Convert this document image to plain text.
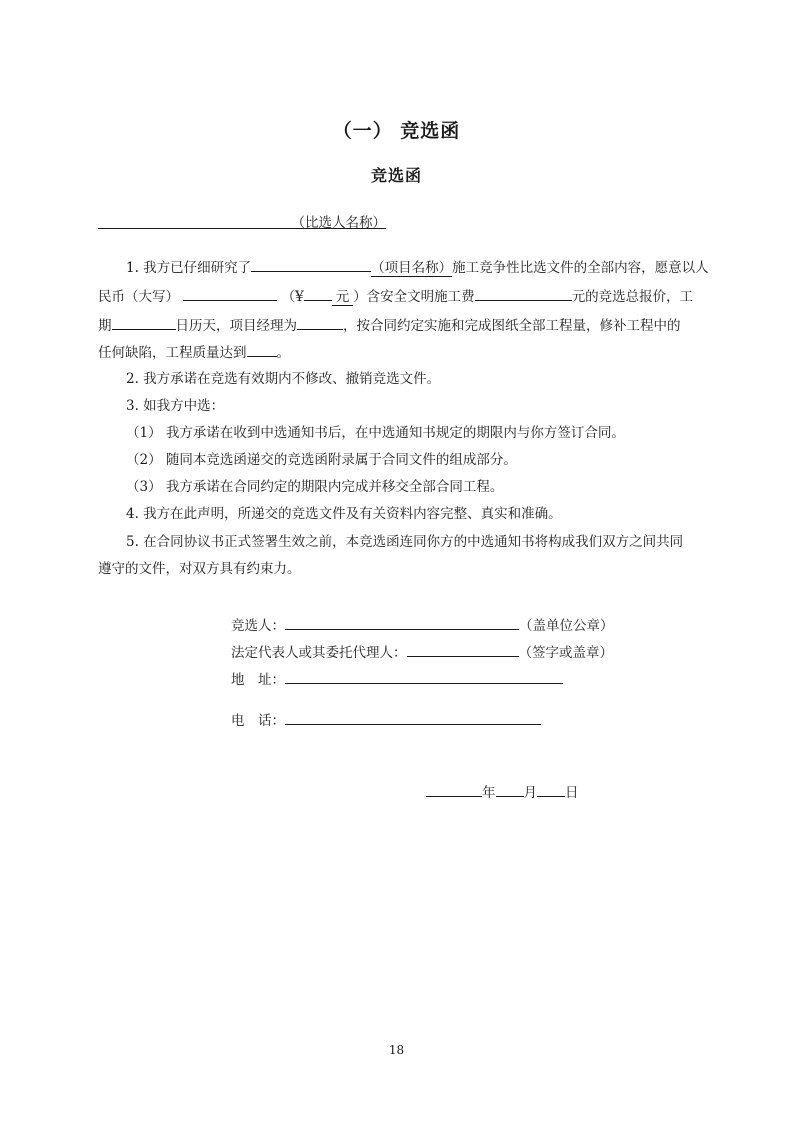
（一） 竞选函
竞选函
（比选人名称）
1. 我方已仔细研究了	（项目名称）施工竞争性比选文件的全部内容，愿意以人
民币（大写）	（¥ 元 ）含安全文明施工费	元的竞选总报价，工
期	日历天，项目经理为	，按合同约定实施和完成图纸全部工程量，修补工程中的
任何缺陷，工程质量达到 。
2. 我方承诺在竞选有效期内不修改、撤销竞选文件。
3. 如我方中选：
（1） 我方承诺在收到中选通知书后，在中选通知书规定的期限内与你方签订合同。
（2） 随同本竞选函递交的竞选函附录属于合同文件的组成部分。
（3） 我方承诺在合同约定的期限内完成并移交全部合同工程。
4. 我方在此声明，所递交的竞选文件及有关资料内容完整、真实和准确。
5. 在合同协议书正式签署生效之前，本竞选函连同你方的中选通知书将构成我们双方之间共同
遵守的文件，对双方具有约束力。
竞选人：	（盖单位公章）
法定代表人或其委托代理人：	（签字或盖章）
地　址：
电　话：
年 月 日
18
